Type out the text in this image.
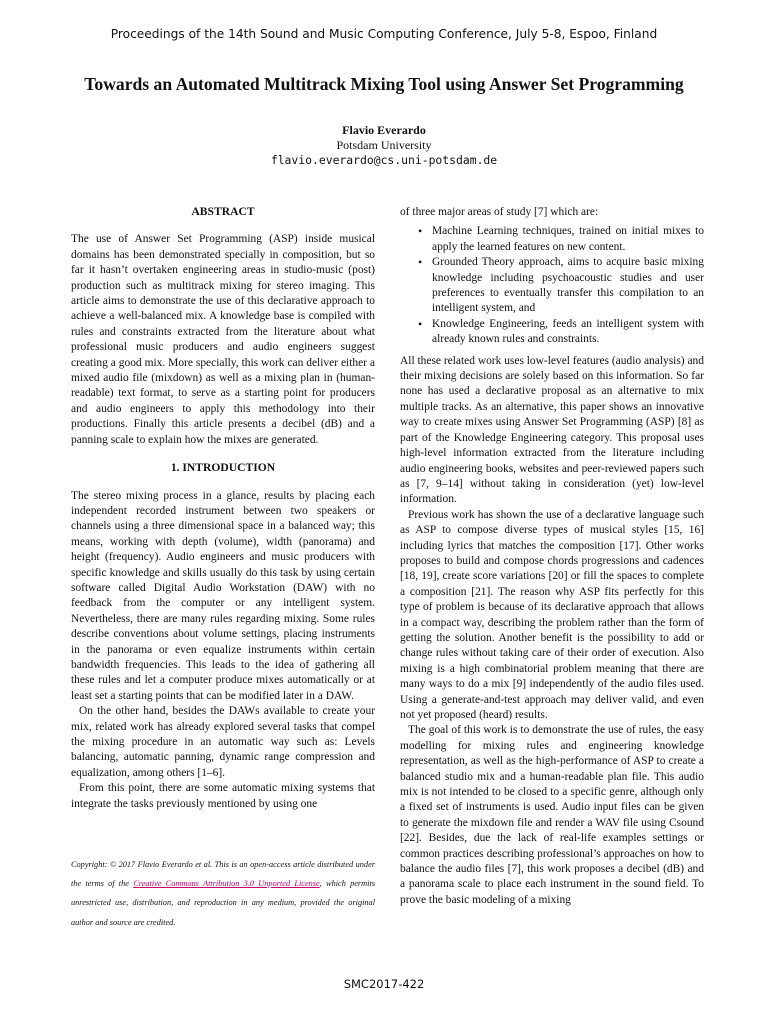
Proceedings of the 14th Sound and Music Computing Conference, July 5-8, Espoo, Finland
Towards an Automated Multitrack Mixing Tool using Answer Set Programming
Flavio Everardo
Potsdam University
flavio.everardo@cs.uni-potsdam.de
ABSTRACT

The use of Answer Set Programming (ASP) inside musical domains has been demonstrated specially in composition, but so far it hasn’t overtaken engineering areas in studio-music (post) production such as multitrack mixing for stereo imaging. This article aims to demonstrate the use of this declarative approach to achieve a well-balanced mix. A knowledge base is compiled with rules and constraints extracted from the literature about what professional music producers and audio engineers suggest creating a good mix. More specially, this work can deliver either a mixed audio file (mixdown) as well as a mixing plan in (human-readable) text format, to serve as a starting point for producers and audio engineers to apply this methodology into their productions. Finally this article presents a decibel (dB) and a panning scale to explain how the mixes are generated.

1. INTRODUCTION

The stereo mixing process in a glance, results by placing each independent recorded instrument between two speakers or channels using a three dimensional space in a balanced way; this means, working with depth (volume), width (panorama) and height (frequency). Audio engineers and music producers with specific knowledge and skills usually do this task by using certain software called Digital Audio Workstation (DAW) with no feedback from the computer or any intelligent system. Nevertheless, there are many rules regarding mixing. Some rules describe conventions about volume settings, placing instruments in the panorama or even equalize instruments within certain bandwidth frequencies. This leads to the idea of gathering all these rules and let a computer produce mixes automatically or at least set a starting points that can be modified later in a DAW.

On the other hand, besides the DAWs available to create your mix, related work has already explored several tasks that compel the mixing procedure in an automatic way such as: Levels balancing, automatic panning, dynamic range compression and equalization, among others [1–6].

From this point, there are some automatic mixing systems that integrate the tasks previously mentioned by using one

of three major areas of study [7] which are:

• Machine Learning techniques, trained on initial mixes to apply the learned features on new content.
• Grounded Theory approach, aims to acquire basic mixing knowledge including psychoacoustic studies and user preferences to eventually transfer this compilation to an intelligent system, and
• Knowledge Engineering, feeds an intelligent system with already known rules and constraints.

All these related work uses low-level features (audio analysis) and their mixing decisions are solely based on this information. So far none has used a declarative proposal as an alternative to mix multiple tracks. As an alternative, this paper shows an innovative way to create mixes using Answer Set Programming (ASP) [8] as part of the Knowledge Engineering category. This proposal uses high-level information extracted from the literature including audio engineering books, websites and peer-reviewed papers such as [7, 9–14] without taking in consideration (yet) low-level information.

Previous work has shown the use of a declarative language such as ASP to compose diverse types of musical styles [15, 16] including lyrics that matches the composition [17]. Other works proposes to build and compose chords progressions and cadences [18, 19], create score variations [20] or fill the spaces to complete a composition [21]. The reason why ASP fits perfectly for this type of problem is because of its declarative approach that allows in a compact way, describing the problem rather than the form of getting the solution. Another benefit is the possibility to add or change rules without taking care of their order of execution. Also mixing is a high combinatorial problem meaning that there are many ways to do a mix [9] independently of the audio files used. Using a generate-and-test approach may deliver valid, and even not yet proposed (heard) results.

The goal of this work is to demonstrate the use of rules, the easy modelling for mixing rules and engineering knowledge representation, as well as the high-performance of ASP to create a balanced studio mix and a human-readable plan file. This audio mix is not intended to be closed to a specific genre, although only a fixed set of instruments is used. Audio input files can be given to generate the mixdown file and render a WAV file using Csound [22]. Besides, due the lack of real-life examples settings or common practices describing professional’s approaches on how to balance the audio files [7], this work proposes a decibel (dB) and a panorama scale to place each instrument in the sound field. To prove the basic modeling of a mixing

Copyright: © 2017 Flavio Everardo et al. This is an open-access article distributed under the terms of the Creative Commons Attribution 3.0 Unported License, which permits unrestricted use, distribution, and reproduction in any medium, provided the original author and source are credited.
SMC2017-422
